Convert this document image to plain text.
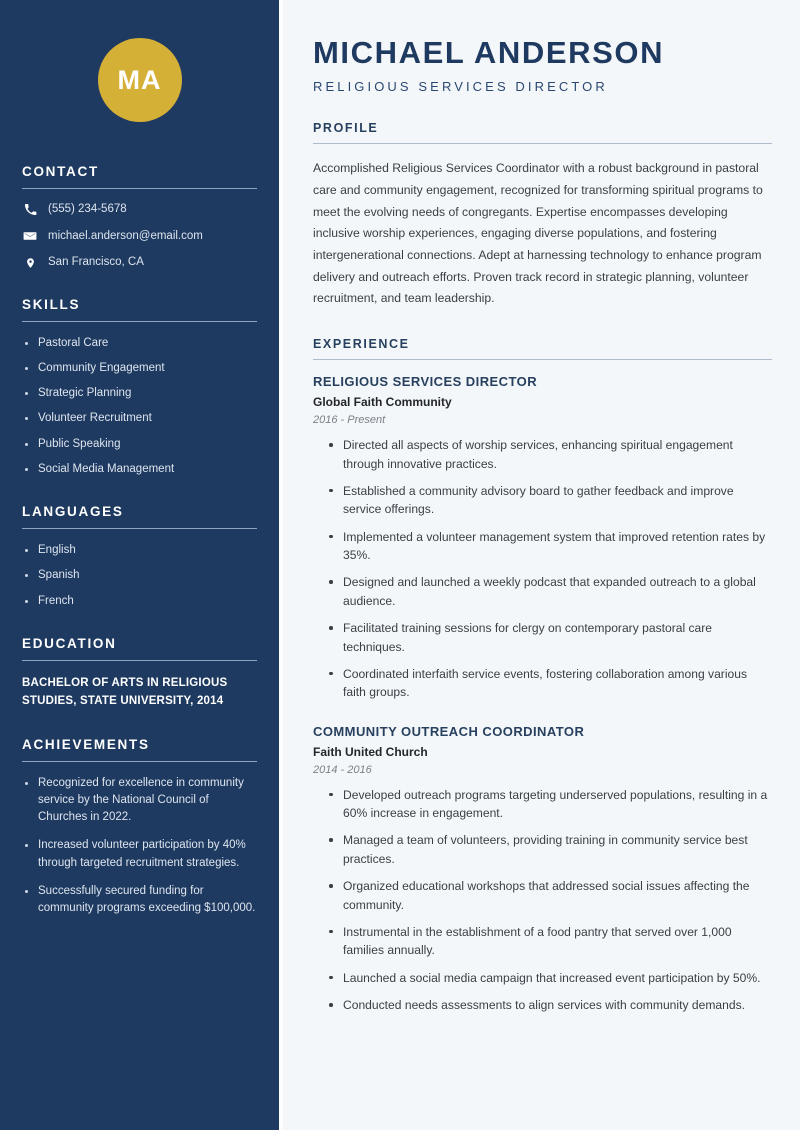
MA
CONTACT
(555) 234-5678
michael.anderson@email.com
San Francisco, CA
SKILLS
Pastoral Care
Community Engagement
Strategic Planning
Volunteer Recruitment
Public Speaking
Social Media Management
LANGUAGES
English
Spanish
French
EDUCATION
BACHELOR OF ARTS IN RELIGIOUS STUDIES, STATE UNIVERSITY, 2014
ACHIEVEMENTS
Recognized for excellence in community service by the National Council of Churches in 2022.
Increased volunteer participation by 40% through targeted recruitment strategies.
Successfully secured funding for community programs exceeding $100,000.
MICHAEL ANDERSON
RELIGIOUS SERVICES DIRECTOR
PROFILE

Accomplished Religious Services Coordinator with a robust background in pastoral care and community engagement, recognized for transforming spiritual programs to meet the evolving needs of congregants. Expertise encompasses developing inclusive worship experiences, engaging diverse populations, and fostering intergenerational connections. Adept at harnessing technology to enhance program delivery and outreach efforts. Proven track record in strategic planning, volunteer recruitment, and team leadership.

EXPERIENCE
RELIGIOUS SERVICES DIRECTOR
Global Faith Community
2016 - Present
Directed all aspects of worship services, enhancing spiritual engagement through innovative practices.
Established a community advisory board to gather feedback and improve service offerings.
Implemented a volunteer management system that improved retention rates by 35%.
Designed and launched a weekly podcast that expanded outreach to a global audience.
Facilitated training sessions for clergy on contemporary pastoral care techniques.
Coordinated interfaith service events, fostering collaboration among various faith groups.
COMMUNITY OUTREACH COORDINATOR
Faith United Church
2014 - 2016
Developed outreach programs targeting underserved populations, resulting in a 60% increase in engagement.
Managed a team of volunteers, providing training in community service best practices.
Organized educational workshops that addressed social issues affecting the community.
Instrumental in the establishment of a food pantry that served over 1,000 families annually.
Launched a social media campaign that increased event participation by 50%.
Conducted needs assessments to align services with community demands.
